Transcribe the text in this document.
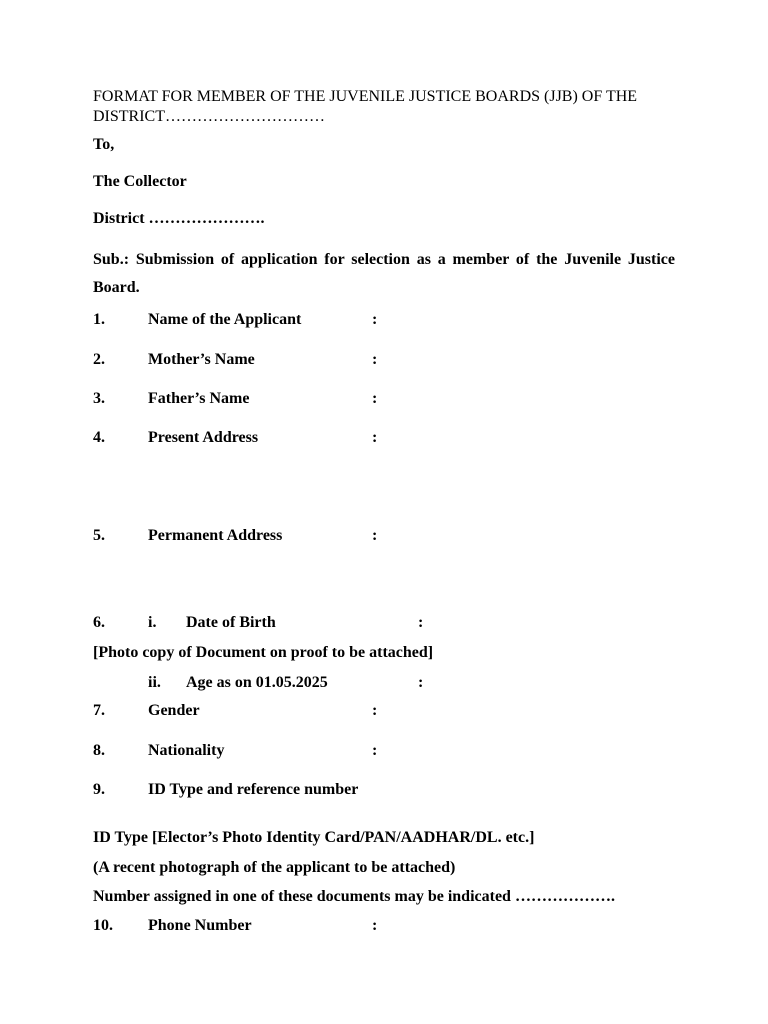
FORMAT FOR MEMBER OF THE JUVENILE JUSTICE BOARDS (JJB) OF THE
DISTRICT…………………………
To,
The Collector
District ………………….
Sub.: Submission of application for selection as a member of the Juvenile Justice Board.
1.	Name of the Applicant	:
2.	Mother’s Name	:
3.	Father’s Name	:
4.	Present Address	:
5.	Permanent Address	:
6.	i. Date of Birth	:
[Photo copy of Document on proof to be attached]
ii. Age as on 01.05.2025	:
7.	Gender	:
8.	Nationality	:
9.	ID Type and reference number
ID Type [Elector’s Photo Identity Card/PAN/AADHAR/DL. etc.]
(A recent photograph of the applicant to be attached)
Number assigned in one of these documents may be indicated ……………….
10. Phone Number	:
